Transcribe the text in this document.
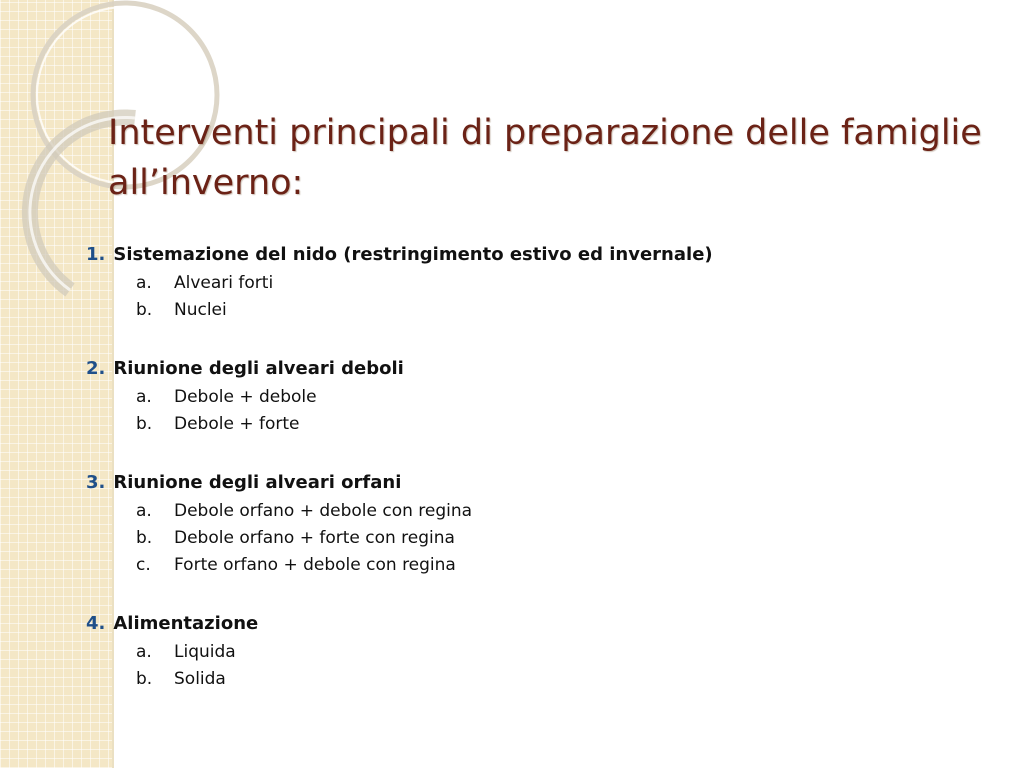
Interventi principali di preparazione delle famiglie all’inverno:
1. Sistemazione del nido (restringimento estivo ed invernale)
a.	Alveari forti
b.	Nuclei
2. Riunione degli alveari deboli
a.	Debole + debole
b.	Debole + forte
3. Riunione degli alveari orfani
a.	Debole orfano + debole con regina
b.	Debole orfano + forte con regina
c.	Forte orfano + debole con regina
4. Alimentazione
a.	Liquida
b.	Solida
